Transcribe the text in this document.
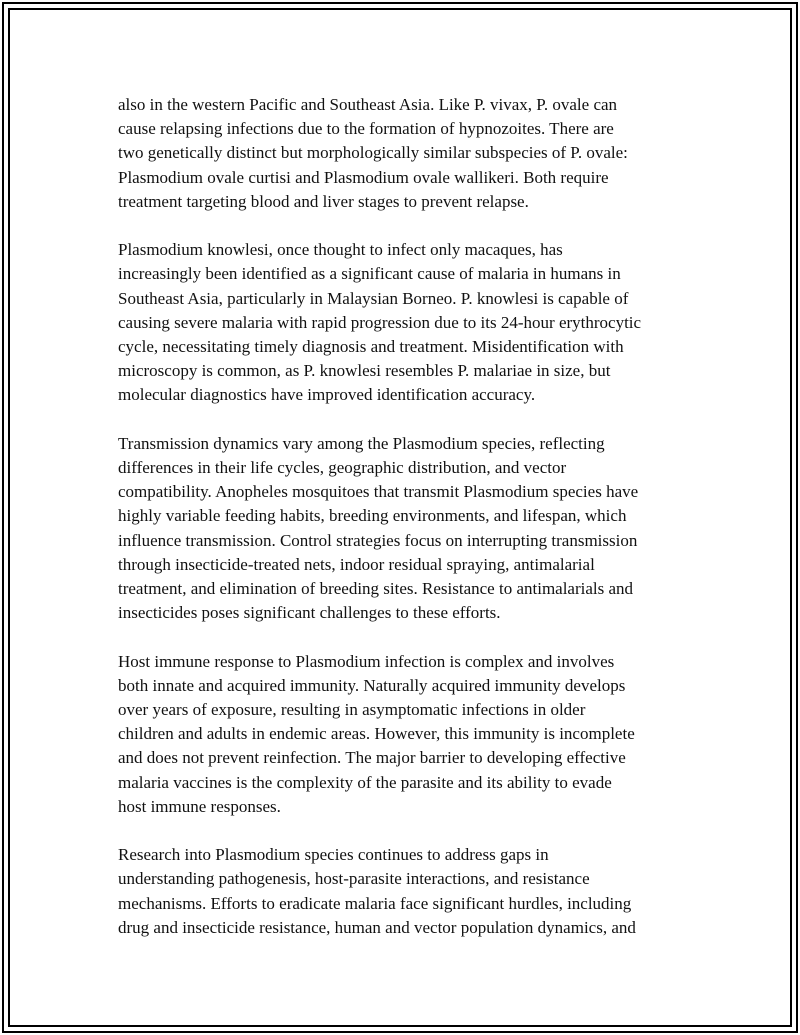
also in the western Pacific and Southeast Asia. Like P. vivax, P. ovale can
cause relapsing infections due to the formation of hypnozoites. There are
two genetically distinct but morphologically similar subspecies of P. ovale:
Plasmodium ovale curtisi and Plasmodium ovale wallikeri. Both require
treatment targeting blood and liver stages to prevent relapse.

Plasmodium knowlesi, once thought to infect only macaques, has
increasingly been identified as a significant cause of malaria in humans in
Southeast Asia, particularly in Malaysian Borneo. P. knowlesi is capable of
causing severe malaria with rapid progression due to its 24-hour erythrocytic
cycle, necessitating timely diagnosis and treatment. Misidentification with
microscopy is common, as P. knowlesi resembles P. malariae in size, but
molecular diagnostics have improved identification accuracy.

Transmission dynamics vary among the Plasmodium species, reflecting
differences in their life cycles, geographic distribution, and vector
compatibility. Anopheles mosquitoes that transmit Plasmodium species have
highly variable feeding habits, breeding environments, and lifespan, which
influence transmission. Control strategies focus on interrupting transmission
through insecticide-treated nets, indoor residual spraying, antimalarial
treatment, and elimination of breeding sites. Resistance to antimalarials and
insecticides poses significant challenges to these efforts.

Host immune response to Plasmodium infection is complex and involves
both innate and acquired immunity. Naturally acquired immunity develops
over years of exposure, resulting in asymptomatic infections in older
children and adults in endemic areas. However, this immunity is incomplete
and does not prevent reinfection. The major barrier to developing effective
malaria vaccines is the complexity of the parasite and its ability to evade
host immune responses.

Research into Plasmodium species continues to address gaps in
understanding pathogenesis, host-parasite interactions, and resistance
mechanisms. Efforts to eradicate malaria face significant hurdles, including
drug and insecticide resistance, human and vector population dynamics, and
